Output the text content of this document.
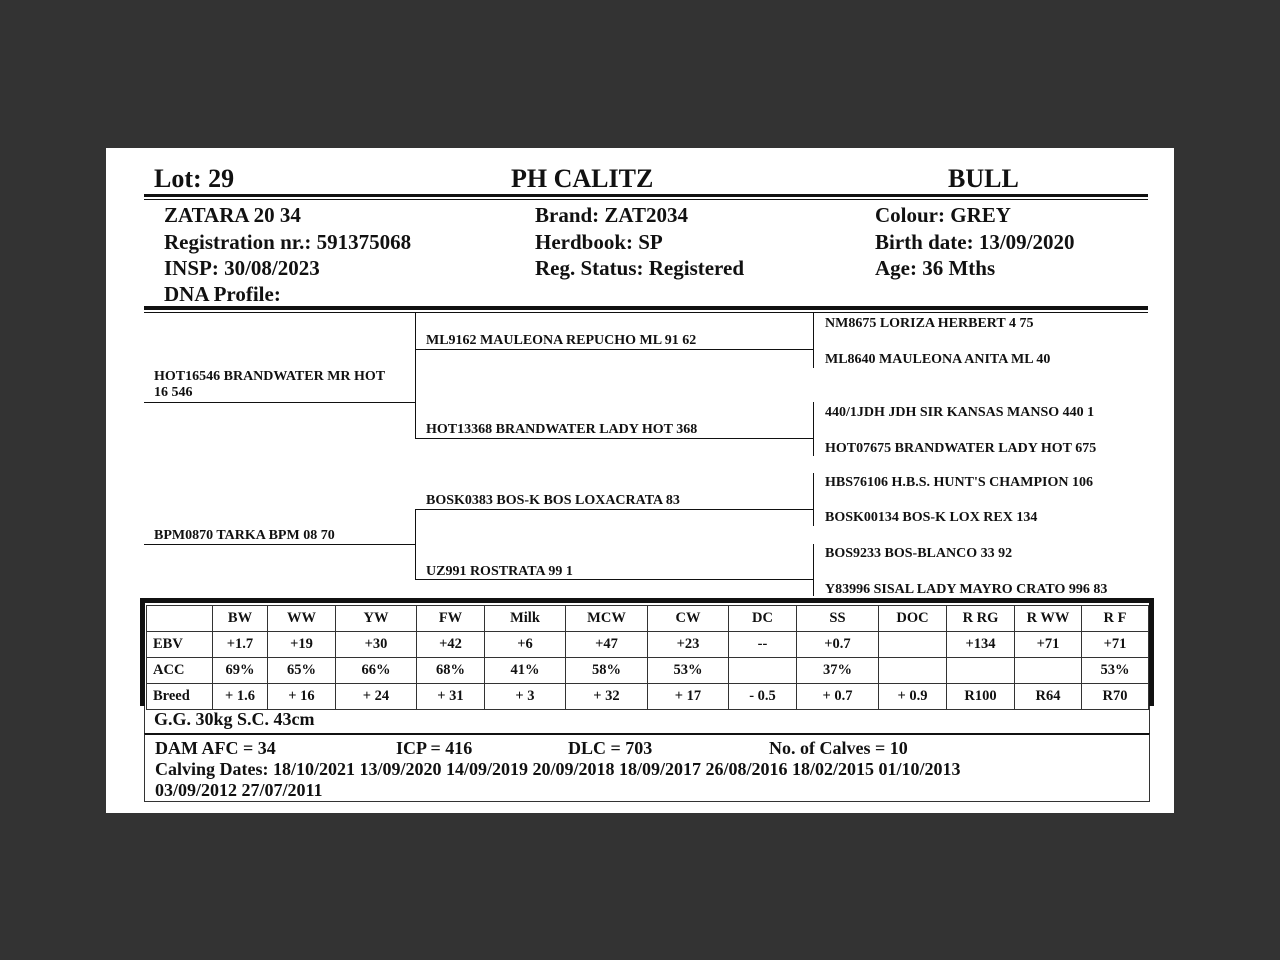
Lot: 29	PH CALITZ	BULL
ZATARA 20 34
Registration nr.: 591375068
INSP: 30/08/2023
DNA Profile:
Brand: ZAT2034
Herdbook: SP
Reg. Status: Registered
Colour: GREY
Birth date: 13/09/2020
Age: 36 Mths
HOT16546 BRANDWATER MR HOT 16 546
ML9162 MAULEONA REPUCHO ML 91 62
HOT13368 BRANDWATER LADY HOT 368
NM8675 LORIZA HERBERT 4 75
ML8640 MAULEONA ANITA ML 40
440/1JDH JDH SIR KANSAS MANSO 440 1
HOT07675 BRANDWATER LADY HOT 675
BPM0870 TARKA BPM 08 70
BOSK0383 BOS-K BOS LOXACRATA 83
UZ991 ROSTRATA 99 1
HBS76106 H.B.S. HUNT'S CHAMPION 106
BOSK00134 BOS-K LOX REX 134
BOS9233 BOS-BLANCO 33 92
Y83996 SISAL LADY MAYRO CRATO 996 83
	BW	WW	YW	FW	Milk	MCW	CW	DC	SS	DOC	R RG	R WW	R F
EBV	+1.7	+19	+30	+42	+6	+47	+23	--	+0.7		+134	+71	+71
ACC	69%	65%	66%	68%	41%	58%	53%		37%				53%
Breed	+ 1.6	+ 16	+ 24	+ 31	+ 3	+ 32	+ 17	- 0.5	+ 0.7	+ 0.9	R100	R64	R70
G.G. 30kg S.C. 43cm
DAM AFC = 34	ICP = 416	DLC = 703	No. of Calves = 10
Calving Dates: 18/10/2021 13/09/2020 14/09/2019 20/09/2018 18/09/2017 26/08/2016 18/02/2015 01/10/2013
03/09/2012 27/07/2011
